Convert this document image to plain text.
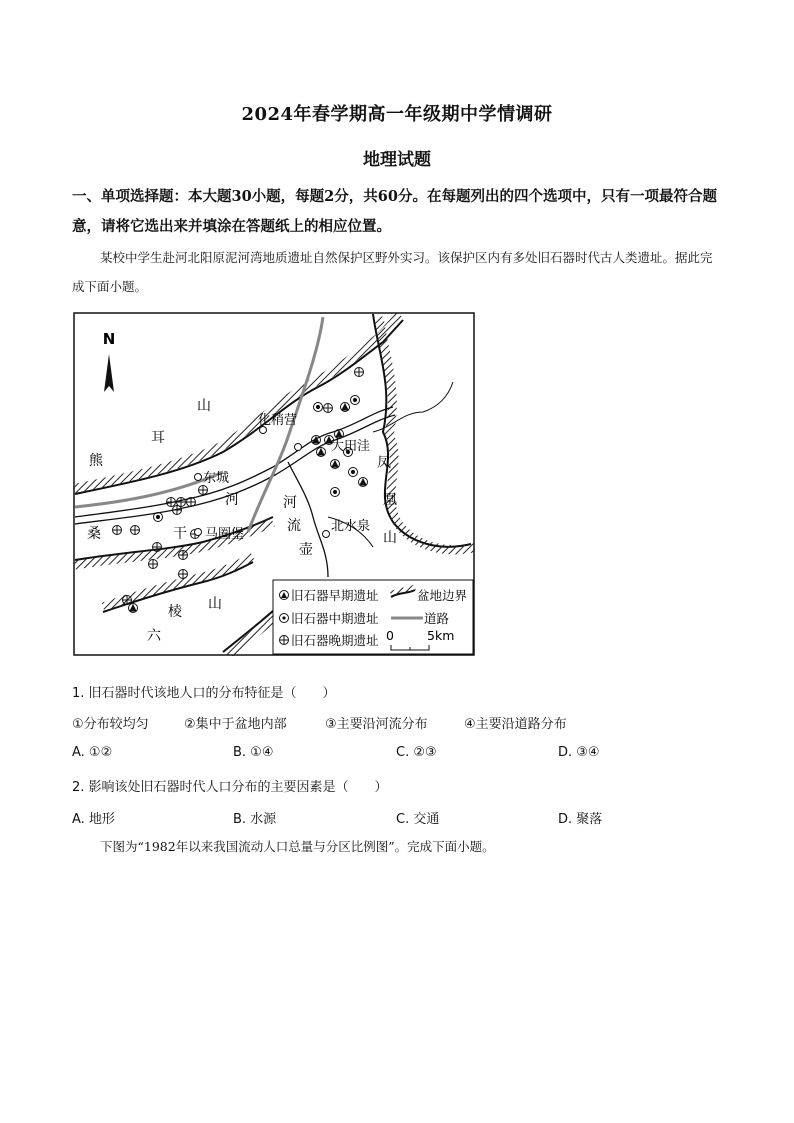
2024年春学期高一年级期中学情调研
地理试题
一、单项选择题：本大题30小题，每题2分，共60分。在每题列出的四个选项中，只有一项最符合题意，请将它选出来并填涂在答题纸上的相应位置。
某校中学生赴河北阳原泥河湾地质遗址自然保护区野外实习。该保护区内有多处旧石器时代古人类遗址。据此完成下面小题。
N
化稍营
东城
马圈堡
大田洼
北水泉
山
耳
熊	凤
凰
山
桑	干
棱
六
山
河	河
流
壶
旧石器早期遗址
旧石器中期遗址
旧石器晚期遗址
盆地边界
道路
0	5km
1. 旧石器时代该地人口的分布特征是（　　）
①分布较均匀	②集中于盆地内部	③主要沿河流分布	④主要沿道路分布
A. ①②	B. ①④	C. ②③	D. ③④
2. 影响该处旧石器时代人口分布的主要因素是（　　）
A. 地形	B. 水源	C. 交通	D. 聚落
下图为“1982年以来我国流动人口总量与分区比例图”。完成下面小题。
